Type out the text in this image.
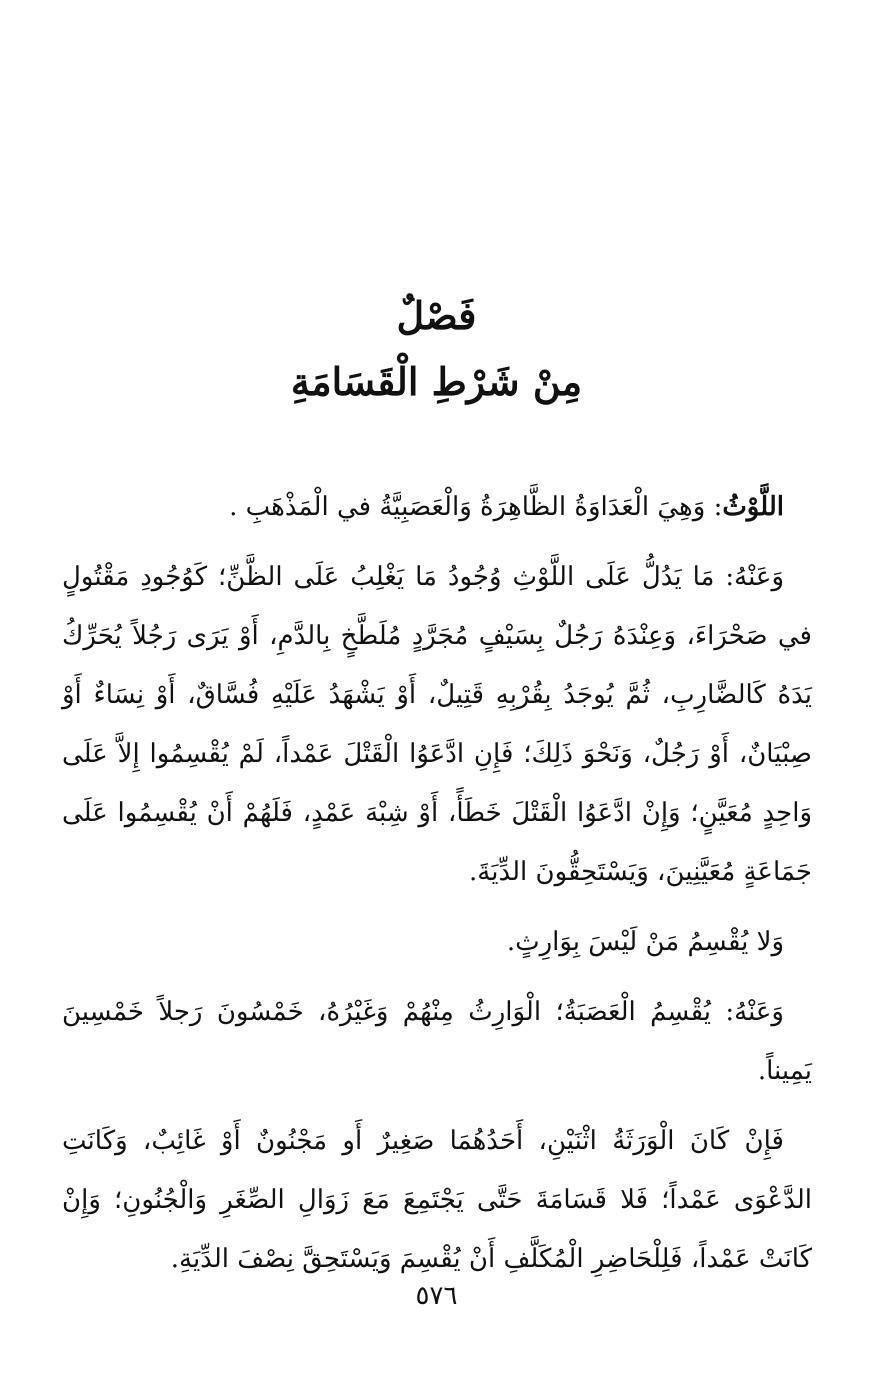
فَصْلٌ
مِنْ شَرْطِ الْقَسَامَةِ

اللَّوْثُ: وَهِيَ الْعَدَاوَةُ الظَّاهِرَةُ وَالْعَصَبِيَّةُ في الْمَذْهَبِ .

وَعَنْهُ: مَا يَدُلُّ عَلَى اللَّوْثِ وُجُودُ مَا يَغْلِبُ عَلَى الظَّنِّ؛ كَوُجُودِ مَقْتُولٍ في صَحْرَاءَ، وَعِنْدَهُ رَجُلٌ بِسَيْفٍ مُجَرَّدٍ مُلَطَّخٍ بِالدَّمِ، أَوْ يَرَى رَجُلاً يُحَرِّكُ يَدَهُ كَالضَّارِبِ، ثُمَّ يُوجَدُ بِقُرْبِهِ قَتِيلٌ، أَوْ يَشْهَدُ عَلَيْهِ فُسَّاقٌ، أَوْ نِسَاءٌ أَوْ صِبْيَانٌ، أَوْ رَجُلٌ، وَنَحْوَ ذَلِكَ؛ فَإِنِ ادَّعَوُا الْقَتْلَ عَمْداً، لَمْ يُقْسِمُوا إِلاَّ عَلَى وَاحِدٍ مُعَيَّنٍ؛ وَإِنْ ادَّعَوُا الْقَتْلَ خَطَأً، أَوْ شِبْهَ عَمْدٍ، فَلَهُمْ أَنْ يُقْسِمُوا عَلَى جَمَاعَةٍ مُعَيَّنِينَ، وَيَسْتَحِقُّونَ الدِّيَةَ.

وَلا يُقْسِمُ مَنْ لَيْسَ بِوَارِثٍ.

وَعَنْهُ: يُقْسِمُ الْعَصَبَةُ؛ الْوَارِثُ مِنْهُمْ وَغَيْرُهُ، خَمْسُونَ رَجلاً خَمْسِينَ يَمِيناً.

فَإِنْ كَانَ الْوَرَثَةُ اثْنَيْنِ، أَحَدُهُمَا صَغِيرٌ أَو مَجْنُونٌ أَوْ غَائِبٌ، وَكَانَتِ الدَّعْوَى عَمْداً؛ فَلا قَسَامَةَ حَتَّى يَجْتَمِعَ مَعَ زَوَالِ الصِّغَرِ وَالْجُنُونِ؛ وَإِنْ كَانَتْ عَمْداً، فَلِلْحَاضِرِ الْمُكَلَّفِ أَنْ يُقْسِمَ وَيَسْتَحِقَّ نِصْفَ الدِّيَةِ.

٥٧٦
